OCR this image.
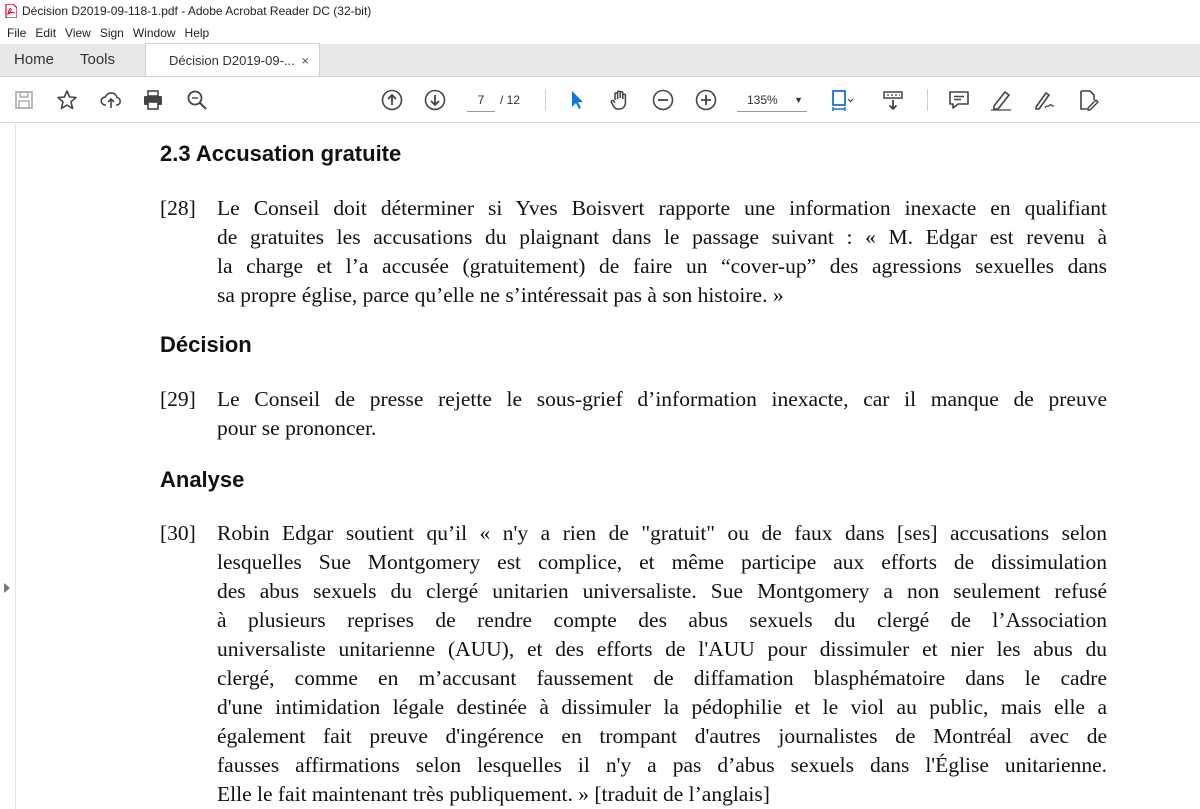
Décision D2019-09-118-1.pdf - Adobe Acrobat Reader DC (32-bit)
File Edit View Sign Window Help
Home	Tools	Décision D2019-09-... ×
7	/ 12	135% ▼
2.3 Accusation gratuite
[28] Le Conseil doit déterminer si Yves Boisvert rapporte une information inexacte en qualifiant
de gratuites les accusations du plaignant dans le passage suivant : « M. Edgar est revenu à
la charge et l’a accusée (gratuitement) de faire un “cover-up” des agressions sexuelles dans
sa propre église, parce qu’elle ne s’intéressait pas à son histoire. »
Décision
[29] Le Conseil de presse rejette le sous-grief d’information inexacte, car il manque de preuve
pour se prononcer.
Analyse
[30] Robin Edgar soutient qu’il « n'y a rien de "gratuit" ou de faux dans [ses] accusations selon
lesquelles Sue Montgomery est complice, et même participe aux efforts de dissimulation
des abus sexuels du clergé unitarien universaliste. Sue Montgomery a non seulement refusé
à plusieurs reprises de rendre compte des abus sexuels du clergé de l’Association
universaliste unitarienne (AUU), et des efforts de l'AUU pour dissimuler et nier les abus du
clergé, comme en m’accusant faussement de diffamation blasphématoire dans le cadre
d'une intimidation légale destinée à dissimuler la pédophilie et le viol au public, mais elle a
également fait preuve d'ingérence en trompant d'autres journalistes de Montréal avec de
fausses affirmations selon lesquelles il n'y a pas d’abus sexuels dans l'Église unitarienne.
Elle le fait maintenant très publiquement. » [traduit de l’anglais]
